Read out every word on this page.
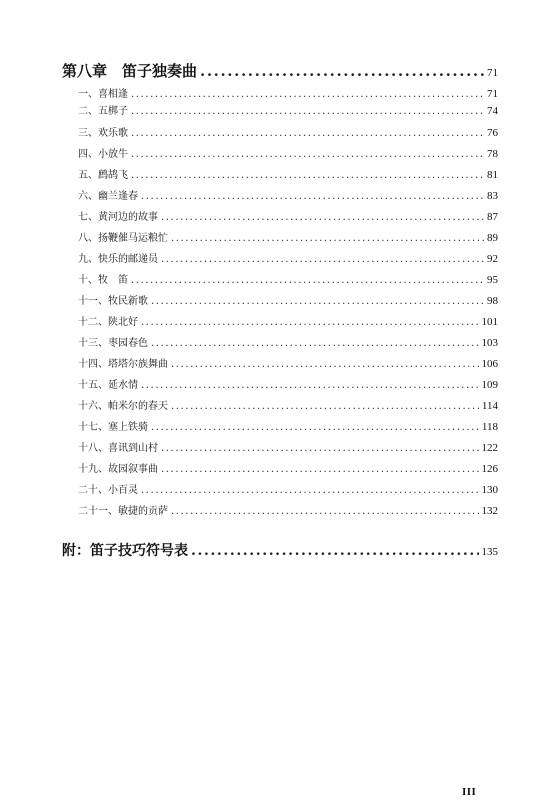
第八章　笛子独奏曲 .....	71
一、喜相逢 .....	71
二、五梆子 .....	74
三、欢乐歌 .....	76
四、小放牛 .....	78
五、鹧鸪飞 .....	81
六、幽兰逢春 .....	83
七、黄河边的故事 .....	87
八、扬鞭催马运粮忙 .....	89
九、快乐的邮递员 .....	92
十、牧　笛 .....	95
十一、牧民新歌 .....	98
十二、陕北好 .....	101
十三、枣园春色 .....	103
十四、塔塔尔族舞曲 .....	106
十五、延水情 .....	109
十六、帕米尔的春天 .....	114
十七、塞上铁骑 .....	118
十八、喜讯到山村 .....	122
十九、故园叙事曲 .....	126
二十、小百灵 .....	130
二十一、敏捷的贡萨 .....	132
附：笛子技巧符号表 .....	135
III
